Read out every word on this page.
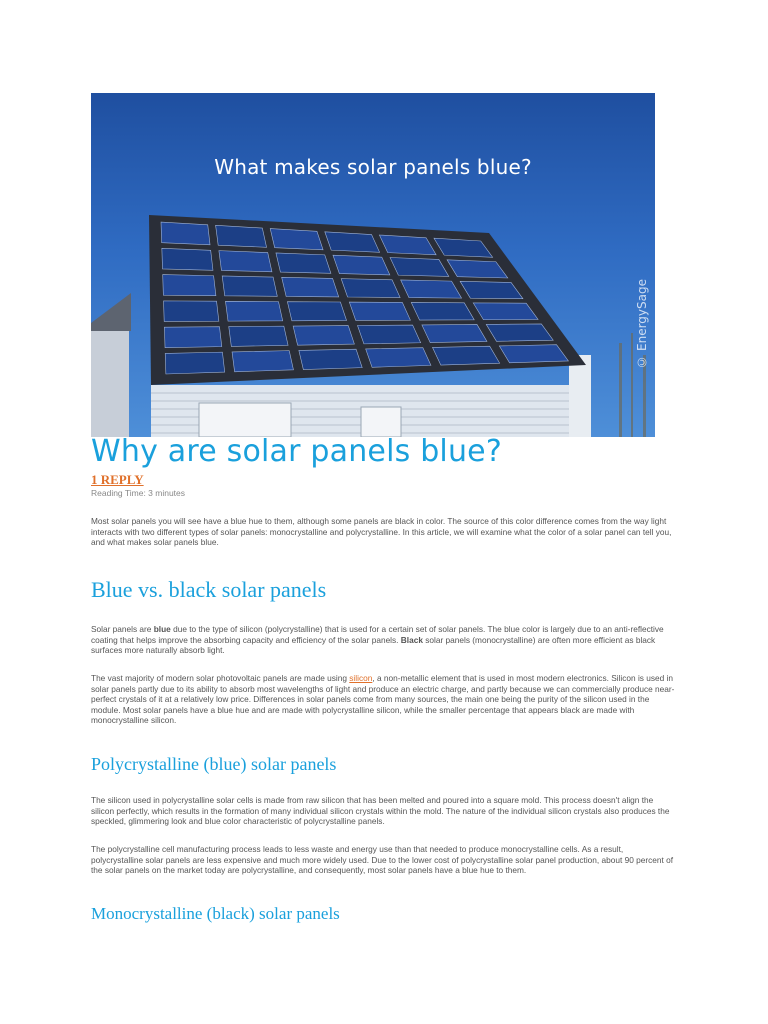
What makes solar panels blue?
© EnergySage
Why are solar panels blue?
1 REPLY
Reading Time: 3 minutes

Most solar panels you will see have a blue hue to them, although some panels are black in color. The source of this color difference comes from the way light interacts with two different types of solar panels: monocrystalline and polycrystalline. In this article, we will examine what the color of a solar panel can tell you, and what makes solar panels blue.

Blue vs. black solar panels

Solar panels are blue due to the type of silicon (polycrystalline) that is used for a certain set of solar panels. The blue color is largely due to an anti-reflective coating that helps improve the absorbing capacity and efficiency of the solar panels. Black solar panels (monocrystalline) are often more efficient as black surfaces more naturally absorb light.

The vast majority of modern solar photovoltaic panels are made using silicon, a non-metallic element that is used in most modern electronics. Silicon is used in solar panels partly due to its ability to absorb most wavelengths of light and produce an electric charge, and partly because we can commercially produce near-perfect crystals of it at a relatively low price. Differences in solar panels come from many sources, the main one being the purity of the silicon used in the module. Most solar panels have a blue hue and are made with polycrystalline silicon, while the smaller percentage that appears black are made with monocrystalline silicon.

Polycrystalline (blue) solar panels

The silicon used in polycrystalline solar cells is made from raw silicon that has been melted and poured into a square mold. This process doesn't align the silicon perfectly, which results in the formation of many individual silicon crystals within the mold. The nature of the individual silicon crystals also produces the speckled, glimmering look and blue color characteristic of polycrystalline panels.

The polycrystalline cell manufacturing process leads to less waste and energy use than that needed to produce monocrystalline cells. As a result, polycrystalline solar panels are less expensive and much more widely used. Due to the lower cost of polycrystalline solar panel production, about 90 percent of the solar panels on the market today are polycrystalline, and consequently, most solar panels have a blue hue to them.

Monocrystalline (black) solar panels
